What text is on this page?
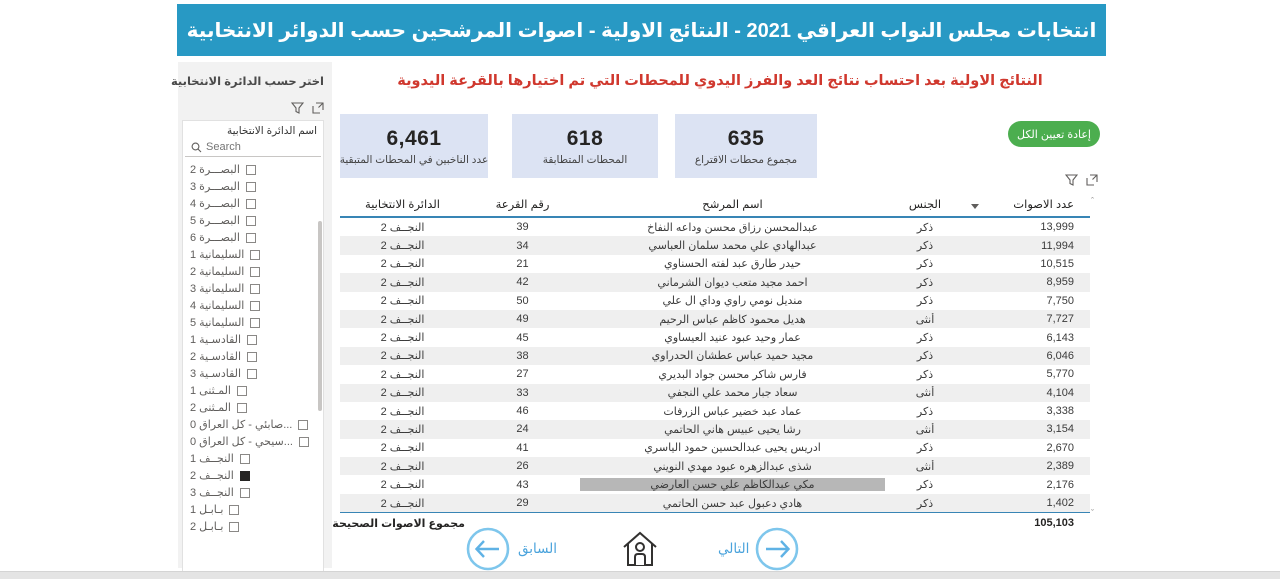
انتخابات مجلس النواب العراقي 2021 - النتائج الاولية - اصوات المرشحين حسب الدوائر الانتخابية
اختر حسب الدائرة الانتخابية
اسم الدائرة الانتخابية
Search
البصـــرة 2
البصـــرة 3
البصـــرة 4
البصـــرة 5
البصـــرة 6
السليمانية 1
السليمانية 2
السليمانية 3
السليمانية 4
السليمانية 5
القادسـية 1
القادسـية 2
القادسـية 3
المـثنى 1
المـثنى 2
...صابئي - كل العراق 0
...سيحي - كل العراق 0
النجــف 1
النجــف 2
النجــف 3
بـابـل 1
بـابـل 2
النتائج الاولية بعد احتساب نتائج العد والفرز اليدوي للمحطات التي تم اختيارها بالقرعة اليدوية
635
مجموع محطات الاقتراع
618
المحطات المتطابقة
6,461
عدد الناخبين في المحطات المتبقية
إعادة تعيين الكل
الدائرة الانتخابية	رقم القرعة	اسم المرشح	الجنس	عدد الاصوات
النجــف 2	39	عبدالمحسن رزاق محسن وداعه النفاخ	ذكر	13,999
النجــف 2	34	عبدالهادي علي محمد سلمان العباسي	ذكر	11,994
النجــف 2	21	حيدر طارق عبد لفته الحسناوي	ذكر	10,515
النجــف 2	42	احمد مجيد متعب ديوان الشرماني	ذكر	8,959
النجــف 2	50	منديل نومي راوي وداي ال علي	ذكر	7,750
النجــف 2	49	هديل محمود كاظم عباس الرحيم	أنثى	7,727
النجــف 2	45	عمار وحيد عبود عنيد العيساوي	ذكر	6,143
النجــف 2	38	مجيد حميد عباس عطشان الحدراوي	ذكر	6,046
النجــف 2	27	فارس شاكر محسن جواد البديري	ذكر	5,770
النجــف 2	33	سعاد جبار محمد علي النجفي	أنثى	4,104
النجــف 2	46	عماد عبد خضير عباس الزرفات	ذكر	3,338
النجــف 2	24	رشا يحيى عبيس هاني الحاتمي	أنثى	3,154
النجــف 2	41	ادريس يحيى عبدالحسين حمود الياسري	ذكر	2,670
النجــف 2	26	شذى عبدالزهره عبود مهدي النويني	أنثى	2,389
النجــف 2	43	مكي عبدالكاظم علي حسن العارضي	ذكر	2,176
النجــف 2	29	هادي دعبول عبد حسن الحاتمي	ذكر	1,402
مجموع الاصوات الصحيحة	105,103
ˆ
ˇ
السابق	التالي
